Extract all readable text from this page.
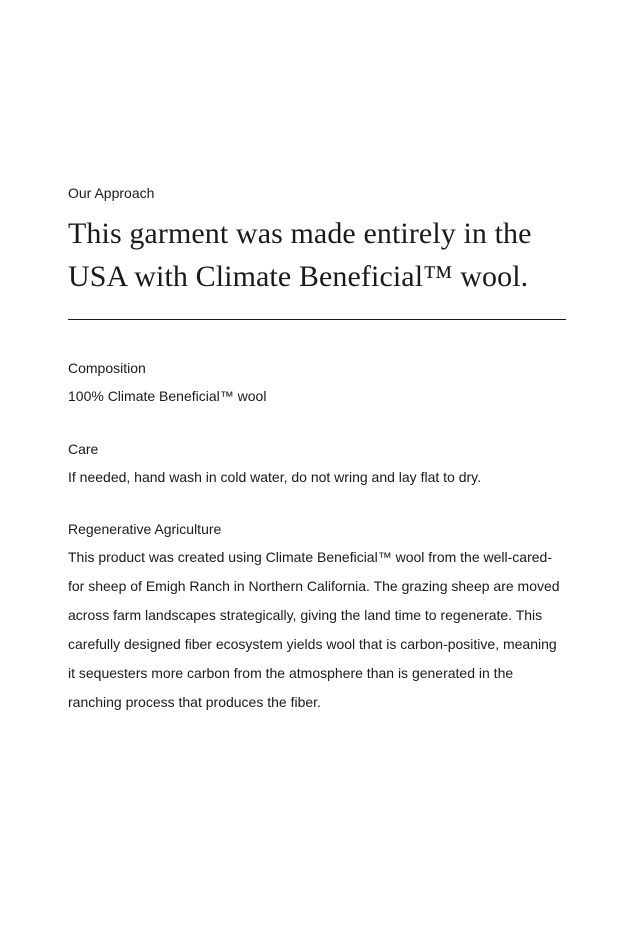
Our Approach

This garment was made entirely in the USA with Climate Beneficial™ wool.

Composition

100% Climate Beneficial™ wool

Care

If needed, hand wash in cold water, do not wring and lay flat to dry.

Regenerative Agriculture

This product was created using Climate Beneficial™ wool from the well-cared-for sheep of Emigh Ranch in Northern California. The grazing sheep are moved across farm landscapes strategically, giving the land time to regenerate. This carefully designed fiber ecosystem yields wool that is carbon-positive, meaning it sequesters more carbon from the atmosphere than is generated in the ranching process that produces the fiber.
